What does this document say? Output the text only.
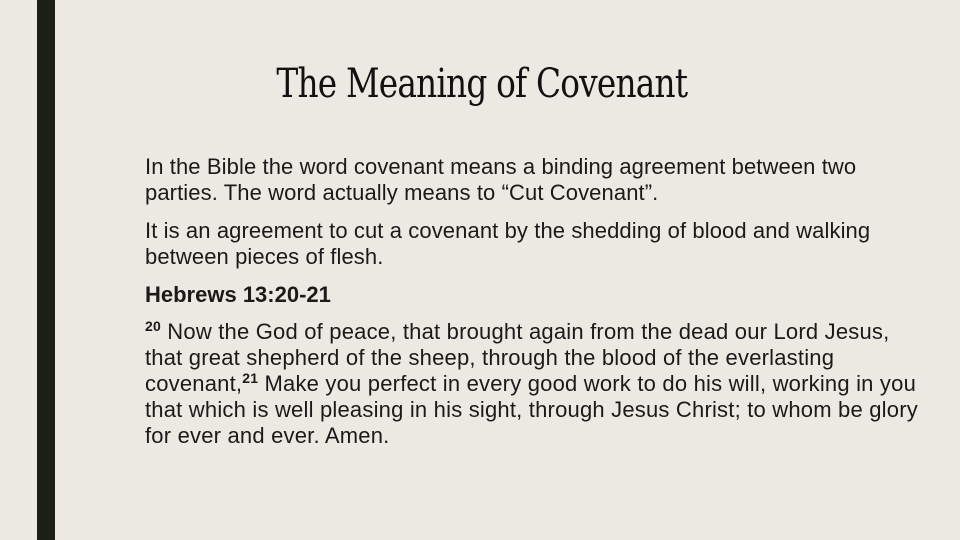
The Meaning of Covenant

In the Bible the word covenant means a binding agreement between two parties. The word actually means to “Cut Covenant”.

It is an agreement to cut a covenant by the shedding of blood and walking between pieces of flesh.

Hebrews 13:20-21

$^{20}$ Now the God of peace, that brought again from the dead our Lord Jesus, that great shepherd of the sheep, through the blood of the everlasting covenant,$^{21}$ Make you perfect in every good work to do his will, working in you that which is well pleasing in his sight, through Jesus Christ; to whom be glory for ever and ever. Amen.
